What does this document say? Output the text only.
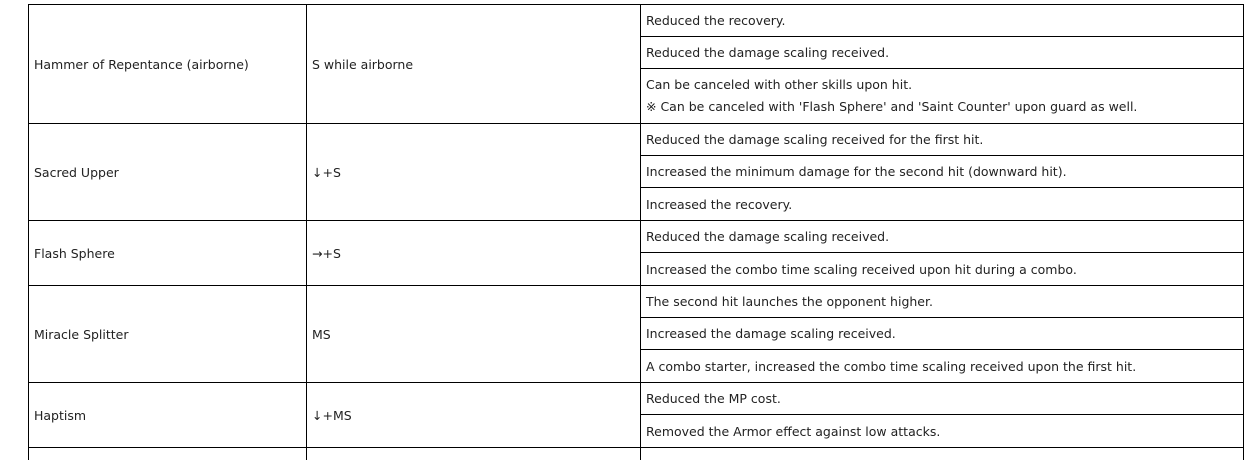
Hammer of Repentance (airborne)	S while airborne
Reduced the recovery.
Reduced the damage scaling received.
Can be canceled with other skills upon hit.
※ Can be canceled with 'Flash Sphere' and 'Saint Counter' upon guard as well.
Sacred Upper	↓+S
Reduced the damage scaling received for the first hit.
Increased the minimum damage for the second hit (downward hit).
Increased the recovery.
Flash Sphere	→+S
Reduced the damage scaling received.
Increased the combo time scaling received upon hit during a combo.
Miracle Splitter	MS
The second hit launches the opponent higher.
Increased the damage scaling received.
A combo starter, increased the combo time scaling received upon the first hit.
Haptism	↓+MS
Reduced the MP cost.
Removed the Armor effect against low attacks.
